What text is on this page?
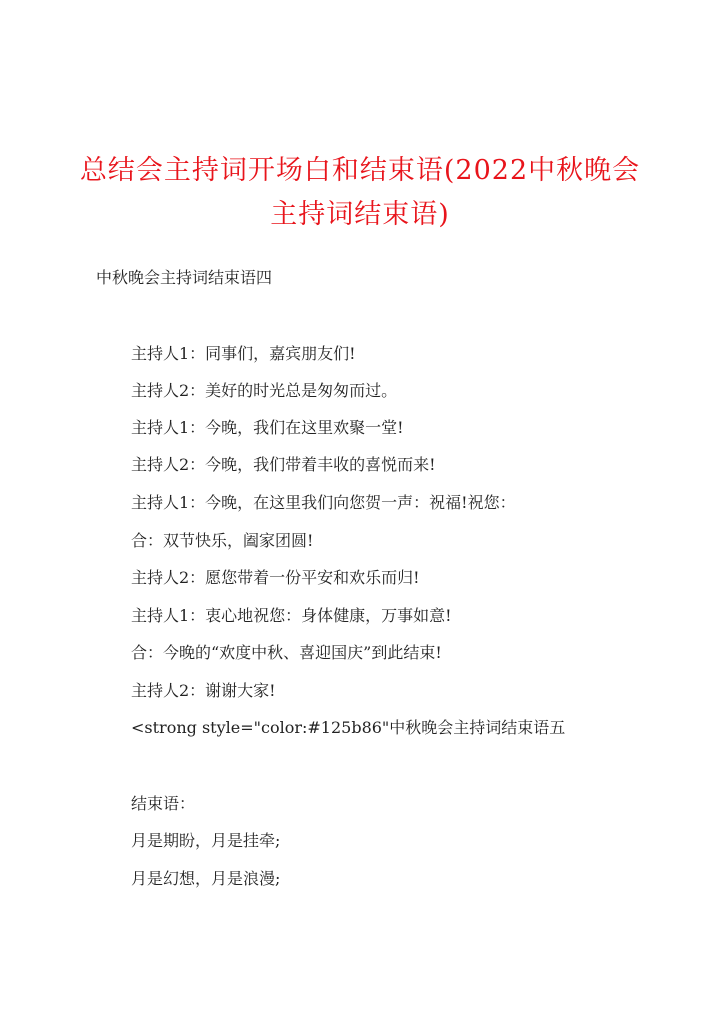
总结会主持词开场白和结束语(2022中秋晚会
主持词结束语)
中秋晚会主持词结束语四
主持人1：同事们，嘉宾朋友们!
主持人2：美好的时光总是匆匆而过。
主持人1：今晚，我们在这里欢聚一堂!
主持人2：今晚，我们带着丰收的喜悦而来!
主持人1：今晚，在这里我们向您贺一声：祝福!祝您：
合：双节快乐，阖家团圆!
主持人2：愿您带着一份平安和欢乐而归!
主持人1：衷心地祝您：身体健康，万事如意!
合：今晚的“欢度中秋、喜迎国庆”到此结束!
主持人2：谢谢大家!
<strong style="color:#125b86"中秋晚会主持词结束语五
结束语：
月是期盼，月是挂牵;
月是幻想，月是浪漫;
